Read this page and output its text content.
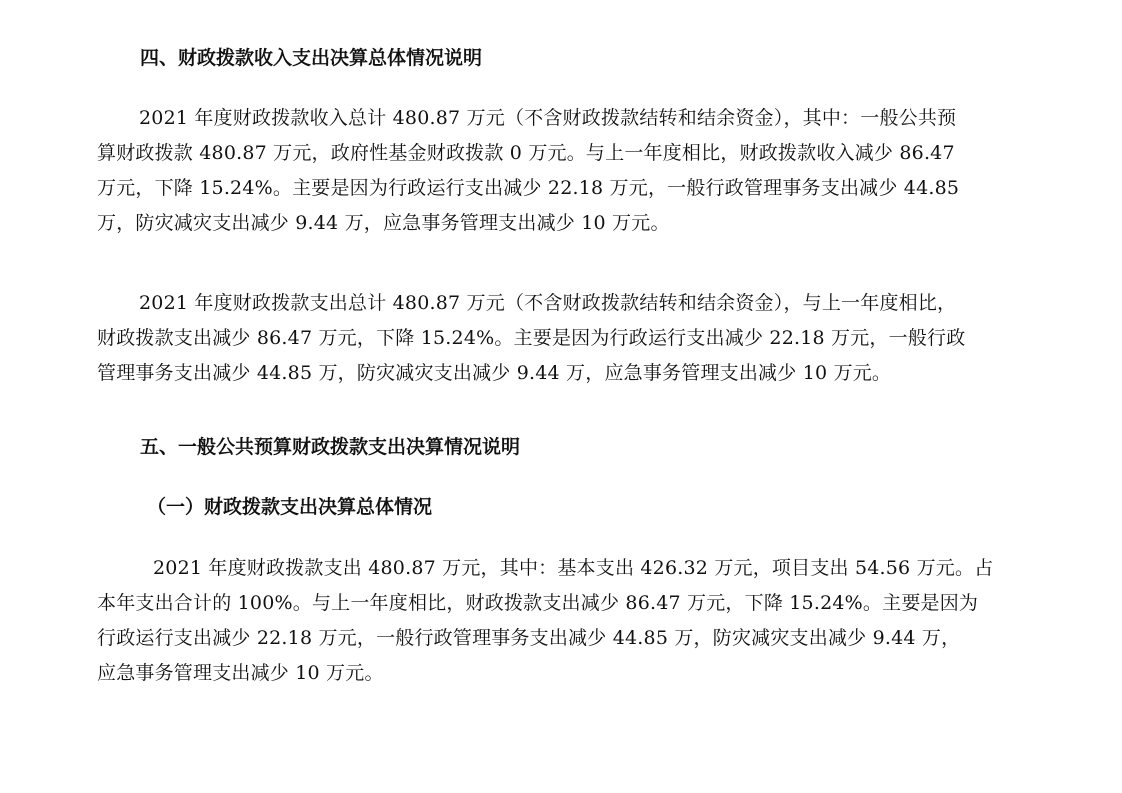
四、财政拨款收入支出决算总体情况说明

2021 年度财政拨款收入总计 480.87 万元（不含财政拨款结转和结余资金），其中：一般公共预
算财政拨款 480.87 万元，政府性基金财政拨款 0 万元。与上一年度相比，财政拨款收入减少 86.47
万元，下降 15.24%。主要是因为行政运行支出减少 22.18 万元，一般行政管理事务支出减少 44.85
万，防灾减灾支出减少 9.44 万，应急事务管理支出减少 10 万元。

2021 年度财政拨款支出总计 480.87 万元（不含财政拨款结转和结余资金），与上一年度相比，
财政拨款支出减少 86.47 万元，下降 15.24%。主要是因为行政运行支出减少 22.18 万元，一般行政
管理事务支出减少 44.85 万，防灾减灾支出减少 9.44 万，应急事务管理支出减少 10 万元。

五、一般公共预算财政拨款支出决算情况说明
（一）财政拨款支出决算总体情况

2021 年度财政拨款支出 480.87 万元，其中：基本支出 426.32 万元，项目支出 54.56 万元。占
本年支出合计的 100%。与上一年度相比，财政拨款支出减少 86.47 万元，下降 15.24%。主要是因为
行政运行支出减少 22.18 万元，一般行政管理事务支出减少 44.85 万，防灾减灾支出减少 9.44 万，
应急事务管理支出减少 10 万元。
